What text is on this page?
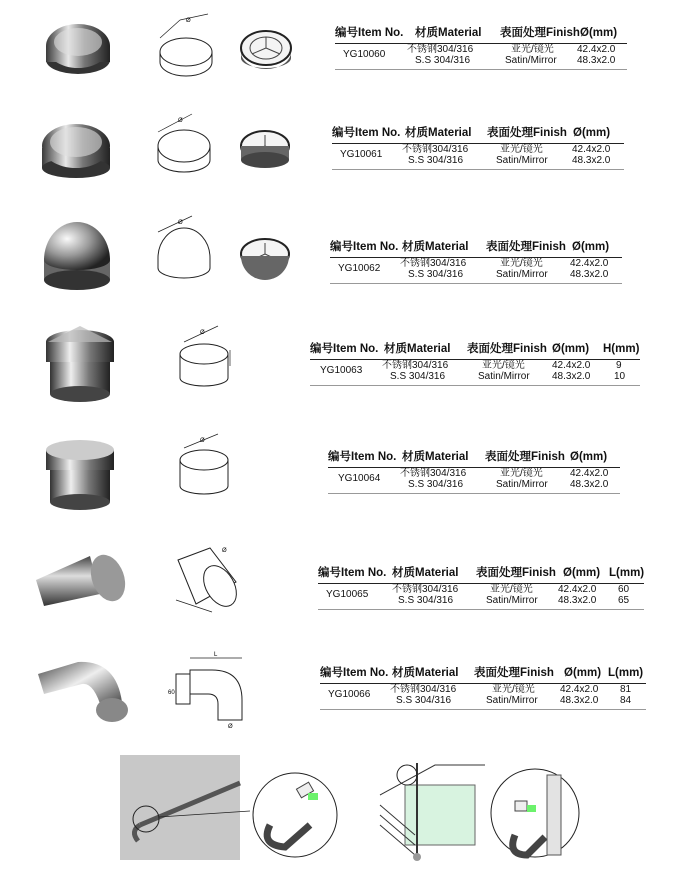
Ø
编号Item No. 材质Material 表面处理Finish Ø(mm)
YG10060 不锈钢304/316
S.S 304/316
亚光/镜光
Satin/Mirror
42.4x2.0
48.3x2.0
Ø
编号Item No. 材质Material 表面处理Finish Ø(mm)
YG10061 不锈钢304/316
S.S 304/316
亚光/镜光
Satin/Mirror
42.4x2.0
48.3x2.0
Ø
编号Item No. 材质Material 表面处理Finish Ø(mm)
YG10062 不锈钢304/316
S.S 304/316
亚光/镜光
Satin/Mirror
42.4x2.0
48.3x2.0
Ø
编号Item No. 材质Material 表面处理Finish Ø(mm) H(mm)
YG10063 不锈钢304/316
S.S 304/316
亚光/镜光
Satin/Mirror
42.4x2.0
48.3x2.0
9
10
Ø
编号Item No. 材质Material 表面处理Finish Ø(mm)
YG10064 不锈钢304/316
S.S 304/316
亚光/镜光
Satin/Mirror
42.4x2.0
48.3x2.0
Ø
编号Item No. 材质Material 表面处理Finish Ø(mm) L(mm)
YG10065 不锈钢304/316
S.S 304/316
亚光/镜光
Satin/Mirror
42.4x2.0
48.3x2.0
60
65
L
60
Ø
编号Item No. 材质Material 表面处理Finish Ø(mm) L(mm)
YG10066 不锈钢304/316
S.S 304/316
亚光/镜光
Satin/Mirror
42.4x2.0
48.3x2.0
81
84
